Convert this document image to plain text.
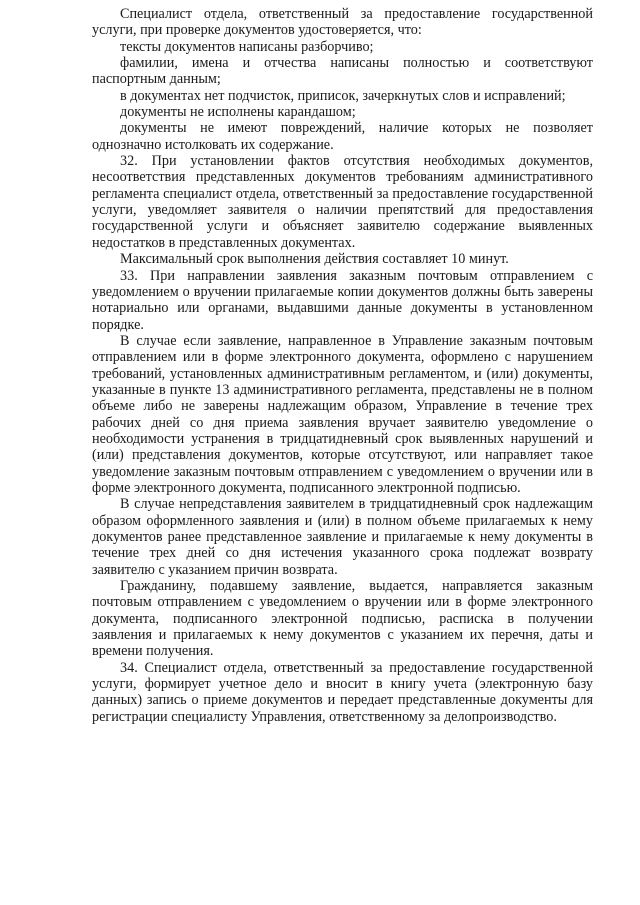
Специалист отдела, ответственный за предоставление государственной услуги, при проверке документов удостоверяется, что:

тексты документов написаны разборчиво;

фамилии, имена и отчества написаны полностью и соответствуют паспортным данным;

в документах нет подчисток, приписок, зачеркнутых слов и исправлений;

документы не исполнены карандашом;

документы не имеют повреждений, наличие которых не позволяет однозначно истолковать их содержание.

32. При установлении фактов отсутствия необходимых документов, несоответствия представленных документов требованиям административного регламента специалист отдела, ответственный за предоставление государственной услуги, уведомляет заявителя о наличии препятствий для предоставления государственной услуги и объясняет заявителю содержание выявленных недостатков в представленных документах.

Максимальный срок выполнения действия составляет 10 минут.

33. При направлении заявления заказным почтовым отправлением с уведомлением о вручении прилагаемые копии документов должны быть заверены нотариально или органами, выдавшими данные документы в установленном порядке.

В случае если заявление, направленное в Управление заказным почтовым отправлением или в форме электронного документа, оформлено с нарушением требований, установленных административным регламентом, и (или) документы, указанные в пункте 13 административного регламента, представлены не в полном объеме либо не заверены надлежащим образом, Управление в течение трех рабочих дней со дня приема заявления вручает заявителю уведомление о необходимости устранения в тридцатидневный срок выявленных нарушений и (или) представления документов, которые отсутствуют, или направляет такое уведомление заказным почтовым отправлением с уведомлением о вручении или в форме электронного документа, подписанного электронной подписью.

В случае непредставления заявителем в тридцатидневный срок надлежащим образом оформленного заявления и (или) в полном объеме прилагаемых к нему документов ранее представленное заявление и прилагаемые к нему документы в течение трех дней со дня истечения указанного срока подлежат возврату заявителю с указанием причин возврата.

Гражданину, подавшему заявление, выдается, направляется заказным почтовым отправлением с уведомлением о вручении или в форме электронного документа, подписанного электронной подписью, расписка в получении заявления и прилагаемых к нему документов с указанием их перечня, даты и времени получения.

34. Специалист отдела, ответственный за предоставление государственной услуги, формирует учетное дело и вносит в книгу учета (электронную базу данных) запись о приеме документов и передает представленные документы для регистрации специалисту Управления, ответственному за делопроизводство.
